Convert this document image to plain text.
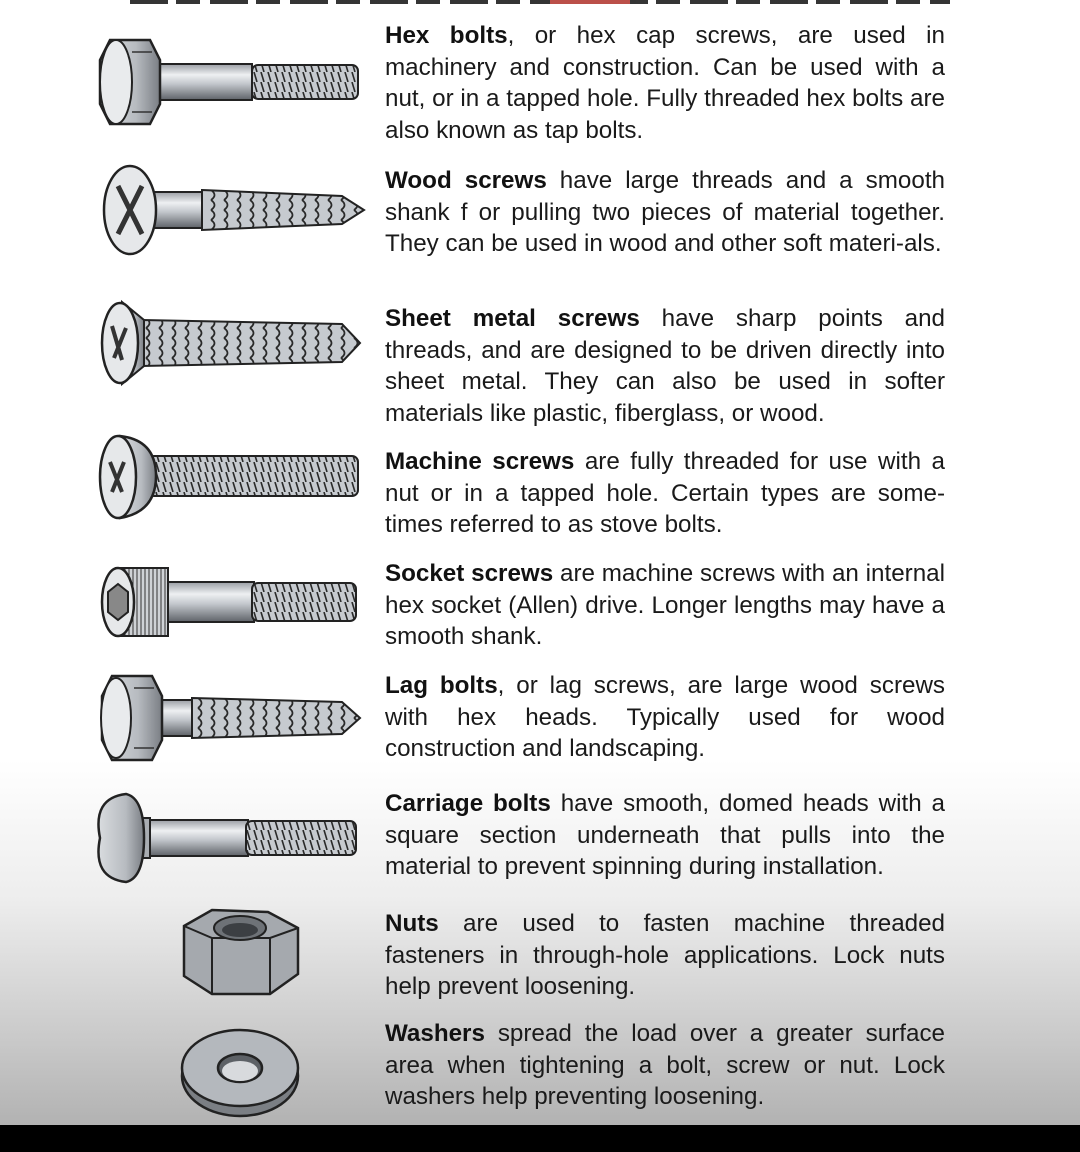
Hex bolts, or hex cap screws, are used in machinery and construction. Can be used with a nut, or in a tapped hole. Fully threaded hex bolts are also known as tap bolts.

Wood screws have large threads and a smooth shank f or pulling two pieces of material together. They can be used in wood and other soft materi-als.

Sheet metal screws have sharp points and threads, and are designed to be driven directly into sheet metal. They can also be used in softer materials like plastic, fiberglass, or wood.

Machine screws are fully threaded for use with a nut or in a tapped hole. Certain types are some-times referred to as stove bolts.

Socket screws are machine screws with an internal hex socket (Allen) drive. Longer lengths may have a smooth shank.

Lag bolts, or lag screws, are large wood screws with hex heads. Typically used for wood construction and landscaping.

Carriage bolts have smooth, domed heads with a square section underneath that pulls into the material to prevent spinning during installation.

Nuts are used to fasten machine threaded fasteners in through-hole applications. Lock nuts help prevent loosening.

Washers spread the load over a greater surface area when tightening a bolt, screw or nut. Lock washers help preventing loosening.
